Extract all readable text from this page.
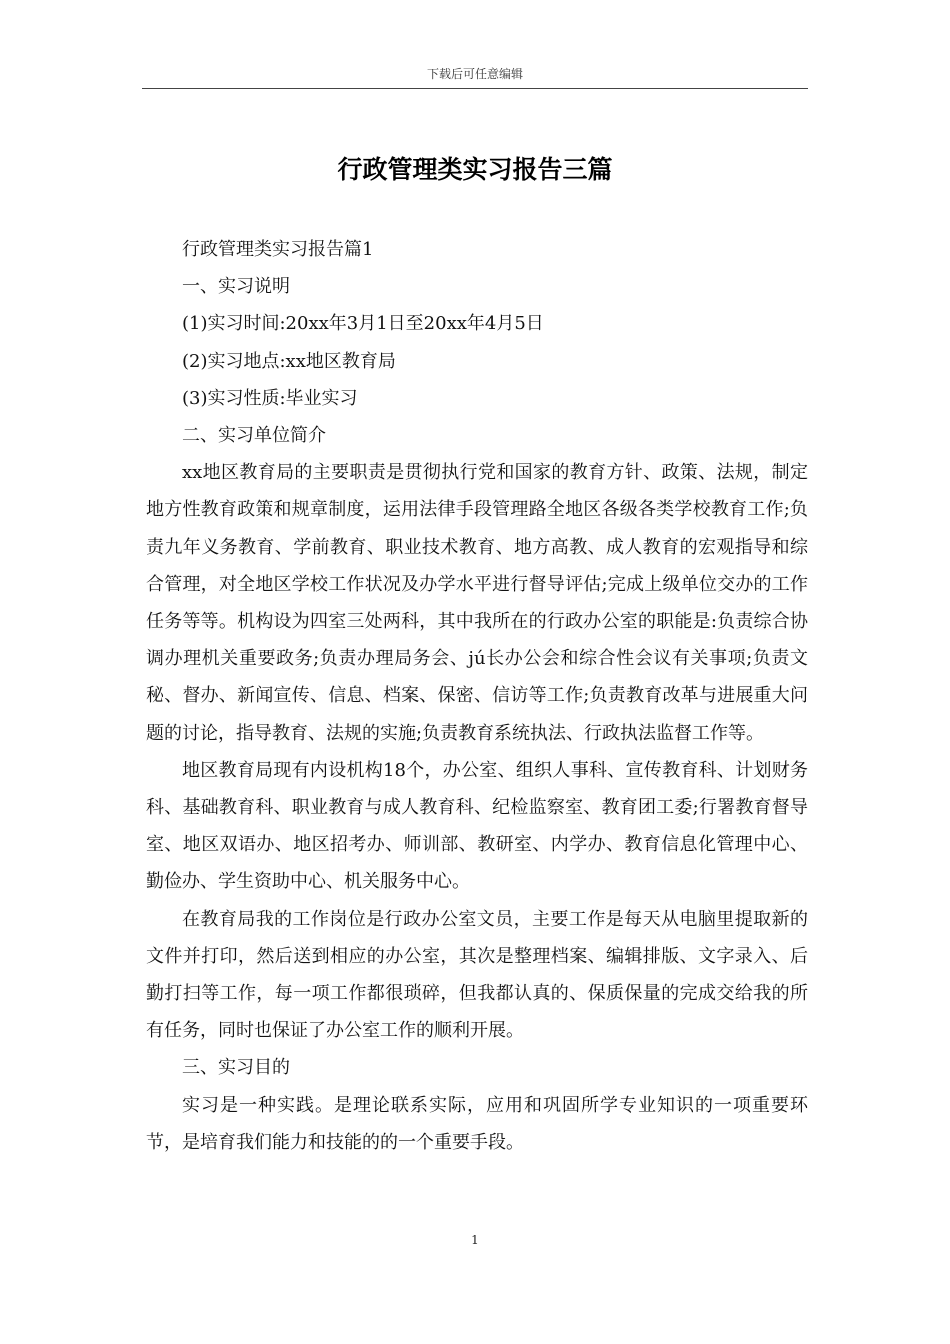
下载后可任意编辑
行政管理类实习报告三篇

行政管理类实习报告篇1

一、实习说明

(1)实习时间:20xx年3月1日至20xx年4月5日

(2)实习地点:xx地区教育局

(3)实习性质:毕业实习

二、实习单位简介

xx地区教育局的主要职责是贯彻执行党和国家的教育方针、政策、法规，制定地方性教育政策和规章制度，运用法律手段管理路全地区各级各类学校教育工作;负责九年义务教育、学前教育、职业技术教育、地方高教、成人教育的宏观指导和综合管理，对全地区学校工作状况及办学水平进行督导评估;完成上级单位交办的工作任务等等。机构设为四室三处两科，其中我所在的行政办公室的职能是:负责综合协调办理机关重要政务;负责办理局务会、jú长办公会和综合性会议有关事项;负责文秘、督办、新闻宣传、信息、档案、保密、信访等工作;负责教育改革与进展重大问题的讨论，指导教育、法规的实施;负责教育系统执法、行政执法监督工作等。

地区教育局现有内设机构18个，办公室、组织人事科、宣传教育科、计划财务科、基础教育科、职业教育与成人教育科、纪检监察室、教育团工委;行署教育督导室、地区双语办、地区招考办、师训部、教研室、内学办、教育信息化管理中心、勤俭办、学生资助中心、机关服务中心。

在教育局我的工作岗位是行政办公室文员，主要工作是每天从电脑里提取新的文件并打印，然后送到相应的办公室，其次是整理档案、编辑排版、文字录入、后勤打扫等工作，每一项工作都很琐碎，但我都认真的、保质保量的完成交给我的所有任务，同时也保证了办公室工作的顺利开展。

三、实习目的

实习是一种实践。是理论联系实际，应用和巩固所学专业知识的一项重要环节，是培育我们能力和技能的的一个重要手段。

1
